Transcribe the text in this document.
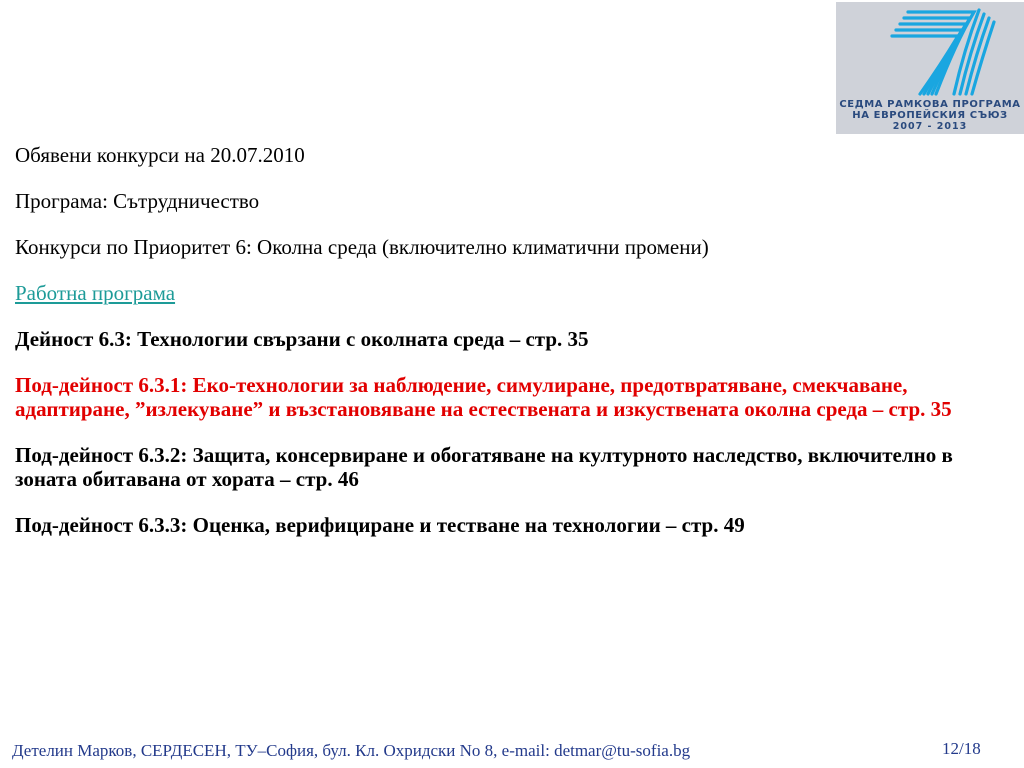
СЕДМА РАМКОВА ПРОГРАМА
НА ЕВРОПЕЙСКИЯ СЪЮЗ
2007 - 2013

Обявени конкурси на 20.07.2010

Програма: Сътрудничество

Конкурси по Приоритет 6: Околна среда (включително климатични промени)

Работна програма

Дейност 6.3: Технологии свързани с околната среда – стр. 35

Под-дейност 6.3.1: Еко-технологии за наблюдение, симулиране, предотвратяване, смекчаване, адаптиране, ”излекуване” и възстановяване на естествената и изкуствената околна среда – стр. 35

Под-дейност 6.3.2: Защита, консервиране и обогатяване на културното наследство, включително в зоната обитавана от хората – стр. 46

Под-дейност 6.3.3: Оценка, верифициране и тестване на технологии – стр. 49

Детелин Марков, СЕРДЕСЕН, ТУ–София, бул. Кл. Охридски No 8, e-mail: detmar@tu-sofia.bg	12/18
